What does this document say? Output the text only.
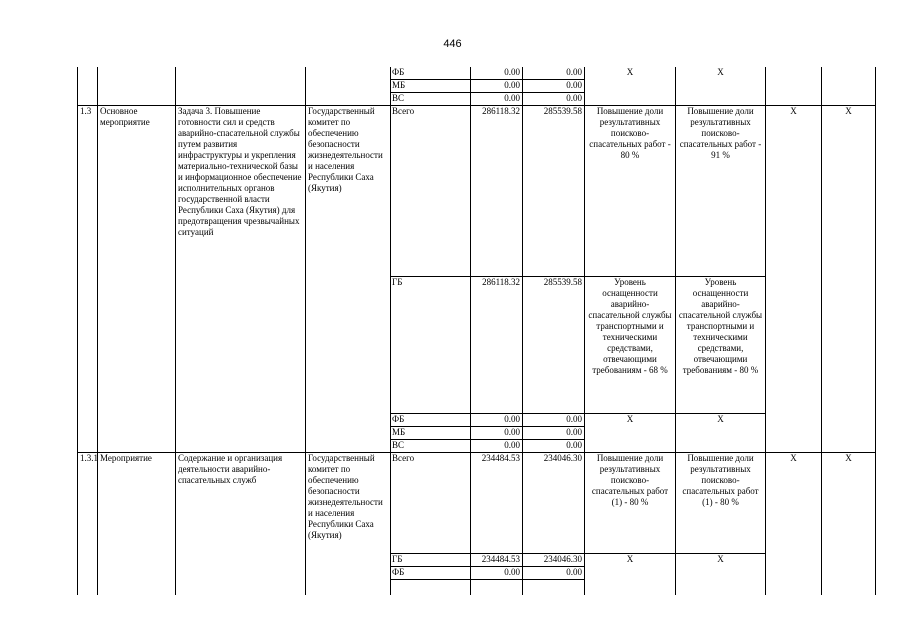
446
				ФБ	0.00	0.00	Х	Х		
				МБ	0.00	0.00				
				ВС	0.00	0.00				
1.3	Основное мероприятие	Задача 3. Повышение готовности сил и средств аварийно-спасательной службы путем развития инфраструктуры и укрепления материально-технической базы и информационное обеспечение исполнительных органов государственной власти Республики Саха (Якутия) для предотвращения чрезвычайных ситуаций	Государственный комитет по обеспечению безопасности жизнедеятельности и населения Республики Саха (Якутия)	Всего	286118.32	285539.58	Повышение доли результативных поисково-спасательных работ - 80 %	Повышение доли результативных поисково-спасательных работ - 91 %	Х	Х
				ГБ	286118.32	285539.58	Уровень оснащенности аварийно-спасательной службы транспортными и техническими средствами, отвечающими требованиям - 68 %	Уровень оснащенности аварийно-спасательной службы транспортными и техническими средствами, отвечающими требованиям - 80 %		
				ФБ	0.00	0.00	Х	Х		
				МБ	0.00	0.00				
				ВС	0.00	0.00				
1.3.1	Мероприятие	Содержание и организация деятельности аварийно-спасательных служб	Государственный комитет по обеспечению безопасности жизнедеятельности и населения Республики Саха (Якутия)	Всего	234484.53	234046.30	Повышение доли результативных поисково-спасательных работ (1) - 80 %	Повышение доли результативных поисково-спасательных работ (1) - 80 %	Х	Х
				ГБ	234484.53	234046.30	Х	Х		
				ФБ	0.00	0.00				
